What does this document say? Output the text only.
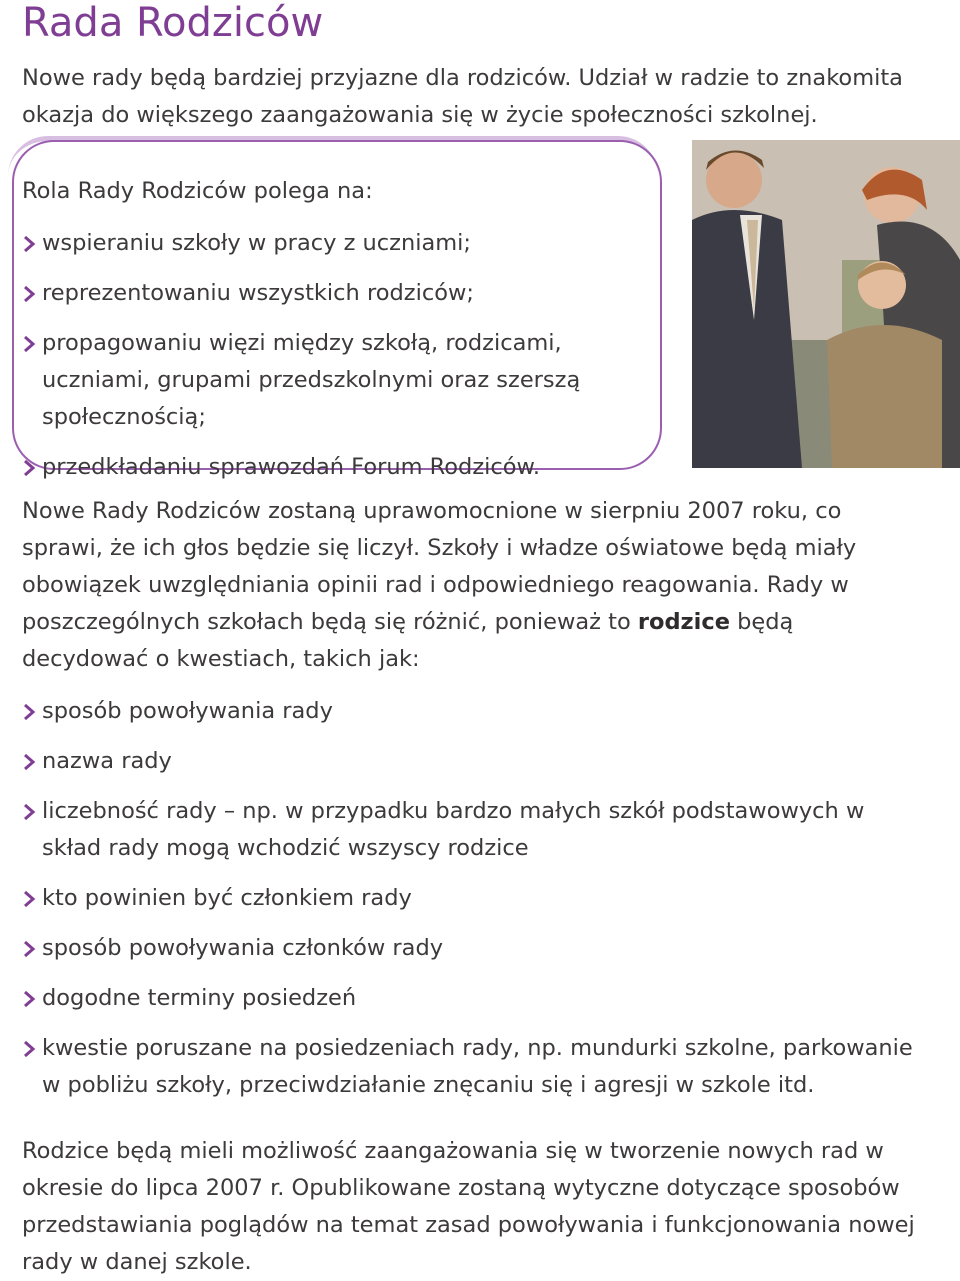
Rada Rodziców

Nowe rady będą bardziej przyjazne dla rodziców. Udział w radzie to znakomita okazja do większego zaangażowania się w życie społeczności szkolnej.

Rola Rady Rodziców polega na:

wspieraniu szkoły w pracy z uczniami;
reprezentowaniu wszystkich rodziców;
propagowaniu więzi między szkołą, rodzicami, uczniami, grupami przedszkolnymi oraz szerszą społecznością;
przedkładaniu sprawozdań Forum Rodziców.

Nowe Rady Rodziców zostaną uprawomocnione w sierpniu 2007 roku, co sprawi, że ich głos będzie się liczył. Szkoły i władze oświatowe będą miały obowiązek uwzględniania opinii rad i odpowiedniego reagowania. Rady w poszczególnych szkołach będą się różnić, ponieważ to rodzice będą decydować o kwestiach, takich jak:

sposób powoływania rady
nazwa rady
liczebność rady – np. w przypadku bardzo małych szkół podstawowych w skład rady mogą wchodzić wszyscy rodzice
kto powinien być członkiem rady
sposób powoływania członków rady
dogodne terminy posiedzeń
kwestie poruszane na posiedzeniach rady, np. mundurki szkolne, parkowanie w pobliżu szkoły, przeciwdziałanie znęcaniu się i agresji w szkole itd.

Rodzice będą mieli możliwość zaangażowania się w tworzenie nowych rad w okresie do lipca 2007 r. Opublikowane zostaną wytyczne dotyczące sposobów przedstawiania poglądów na temat zasad powoływania i funkcjonowania nowej rady w danej szkole.
